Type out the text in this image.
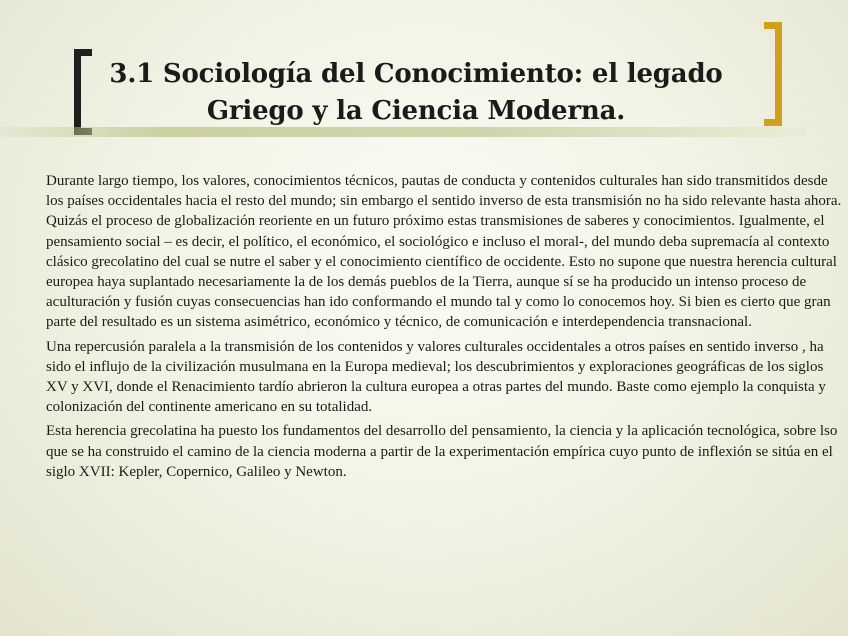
3.1 Sociología del Conocimiento: el legado
Griego y la Ciencia Moderna.

Durante largo tiempo, los valores, conocimientos técnicos, pautas de conducta y contenidos culturales han sido transmitidos desde los países occidentales hacia el resto del mundo; sin embargo el sentido inverso de esta transmisión no ha sido relevante hasta ahora. Quizás el proceso de globalización reoriente en un futuro próximo estas transmisiones de saberes y conocimientos. Igualmente, el pensamiento social – es decir, el político, el económico, el sociológico e incluso el moral-, del mundo deba supremacía al contexto clásico grecolatino del cual se nutre el saber y el conocimiento científico de occidente. Esto no supone que nuestra herencia cultural europea haya suplantado necesariamente la de los demás pueblos de la Tierra, aunque sí se ha producido un intenso proceso de aculturación y fusión cuyas consecuencias han ido conformando el mundo tal y como lo conocemos hoy. Si bien es cierto que gran parte del resultado es un sistema asimétrico, económico y técnico, de comunicación e interdependencia transnacional.

Una repercusión paralela a la transmisión de los contenidos y valores culturales occidentales a otros países en sentido inverso , ha sido el influjo de la civilización musulmana en la Europa medieval; los descubrimientos y exploraciones geográficas de los siglos XV y XVI, donde el Renacimiento tardío abrieron la cultura europea a otras partes del mundo. Baste como ejemplo la conquista y colonización del continente americano en su totalidad.

Esta herencia grecolatina ha puesto los fundamentos del desarrollo del pensamiento, la ciencia y la aplicación tecnológica, sobre lso que se ha construido el camino de la ciencia moderna a partir de la experimentación empírica cuyo punto de inflexión se sitúa en el siglo XVII: Kepler, Copernico, Galileo y Newton.
